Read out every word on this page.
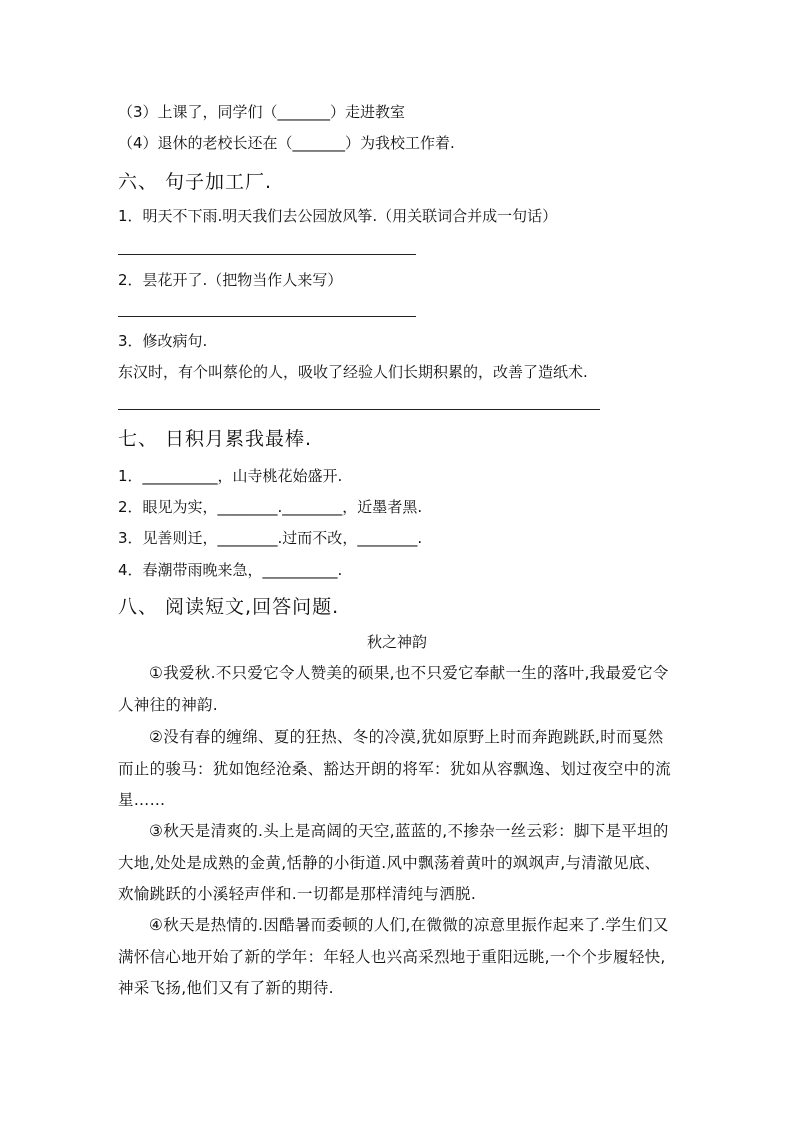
（3）上课了，同学们（_______）走进教室
（4）退休的老校长还在（_______）为我校工作着.
六、 句子加工厂.
1．明天不下雨.明天我们去公园放风筝.（用关联词合并成一句话）
2．昙花开了.（把物当作人来写）
3．修改病句.
东汉时，有个叫蔡伦的人，吸收了经验人们长期积累的，改善了造纸术.
七、 日积月累我最棒.
1．__________，山寺桃花始盛开.
2．眼见为实，________.________，近墨者黑.
3．见善则迁，________.过而不改，________.
4．春潮带雨晚来急，__________.
八、 阅读短文,回答问题.
秋之神韵
①我爱秋.不只爱它令人赞美的硕果,也不只爱它奉献一生的落叶,我最爱它令人神往的神韵.
②没有春的缠绵、夏的狂热、冬的冷漠,犹如原野上时而奔跑跳跃,时而戛然而止的骏马：犹如饱经沧桑、豁达开朗的将军：犹如从容飘逸、划过夜空中的流星……
③秋天是清爽的.头上是高阔的天空,蓝蓝的,不掺杂一丝云彩：脚下是平坦的大地,处处是成熟的金黄,恬静的小街道.风中飘荡着黄叶的飒飒声,与清澈见底、欢愉跳跃的小溪轻声伴和.一切都是那样清纯与洒脱.
④秋天是热情的.因酷暑而委顿的人们,在微微的凉意里振作起来了.学生们又满怀信心地开始了新的学年：年轻人也兴高采烈地于重阳远眺,一个个步履轻快,神采飞扬,他们又有了新的期待.
